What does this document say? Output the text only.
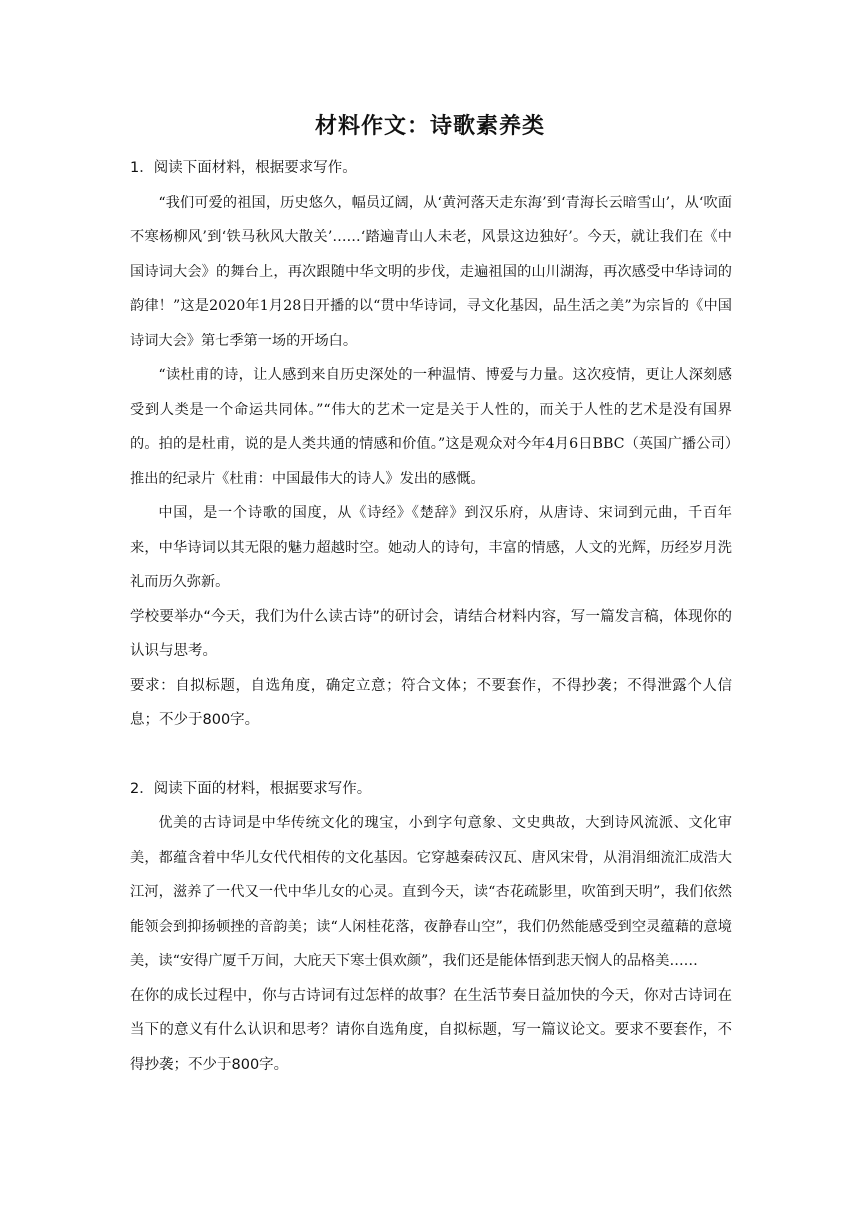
材料作文：诗歌素养类

1．阅读下面材料，根据要求写作。

“我们可爱的祖国，历史悠久，幅员辽阔，从‘黄河落天走东海’到‘青海长云暗雪山’，从‘吹面不寒杨柳风’到‘铁马秋风大散关’……‘踏遍青山人未老，风景这边独好’。今天，就让我们在《中国诗词大会》的舞台上，再次跟随中华文明的步伐，走遍祖国的山川湖海，再次感受中华诗词的韵律！”这是2020年1月28日开播的以“贯中华诗词，寻文化基因，品生活之美”为宗旨的《中国诗词大会》第七季第一场的开场白。

“读杜甫的诗，让人感到来自历史深处的一种温情、博爱与力量。这次疫情，更让人深刻感受到人类是一个命运共同体。”“伟大的艺术一定是关于人性的，而关于人性的艺术是没有国界的。拍的是杜甫，说的是人类共通的情感和价值。”这是观众对今年4月6日BBC（英国广播公司）推出的纪录片《杜甫：中国最伟大的诗人》发出的感慨。

中国，是一个诗歌的国度，从《诗经》《楚辞》到汉乐府，从唐诗、宋词到元曲，千百年来，中华诗词以其无限的魅力超越时空。她动人的诗句，丰富的情感，人文的光辉，历经岁月洗礼而历久弥新。

学校要举办“今天，我们为什么读古诗”的研讨会，请结合材料内容，写一篇发言稿，体现你的认识与思考。

要求：自拟标题，自选角度，确定立意；符合文体；不要套作，不得抄袭；不得泄露个人信息；不少于800字。

2．阅读下面的材料，根据要求写作。

优美的古诗词是中华传统文化的瑰宝，小到字句意象、文史典故，大到诗风流派、文化审美，都蕴含着中华儿女代代相传的文化基因。它穿越秦砖汉瓦、唐风宋骨，从涓涓细流汇成浩大江河，滋养了一代又一代中华儿女的心灵。直到今天，读“杏花疏影里，吹笛到天明”，我们依然能领会到抑扬顿挫的音韵美；读“人闲桂花落，夜静春山空”，我们仍然能感受到空灵蕴藉的意境美，读“安得广厦千万间，大庇天下寒士俱欢颜”，我们还是能体悟到悲天悯人的品格美……

在你的成长过程中，你与古诗词有过怎样的故事？在生活节奏日益加快的今天，你对古诗词在当下的意义有什么认识和思考？请你自选角度，自拟标题，写一篇议论文。要求不要套作，不得抄袭；不少于800字。
